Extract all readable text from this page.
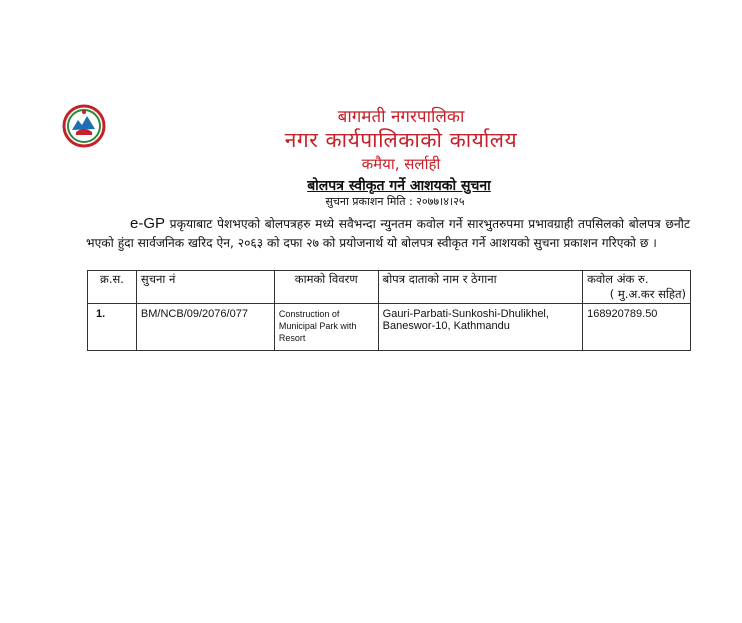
बागमती नगरपालिका
नगर कार्यपालिकाको कार्यालय
कमैया, सर्लाही
बोलपत्र स्वीकृत गर्ने आशयको सुचना
सुचना प्रकाशन मिति : २०७७।४।२५
e-GP प्रकृयाबाट पेशभएको बोलपत्रहरु मध्ये सवैभन्दा न्युनतम कवोल गर्ने सारभुतरुपमा प्रभावग्राही तपसिलको बोलपत्र छनौट भएको हुंदा सार्वजनिक खरिद ऐन, २०६३ को दफा २७ को प्रयोजनार्थ यो बोलपत्र स्वीकृत गर्ने आशयको सुचना प्रकाशन गरिएको छ ।
क्र.स.	सुचना नं	कामको विवरण	बोपत्र दाताको नाम र ठेगाना	कवोल अंक रु.
( मु.अ.कर सहित)

1.	BM/NCB/09/2076/077	Construction of Municipal Park with Resort	Gauri-Parbati-Sunkoshi-Dhulikhel, Baneswor-10, Kathmandu	168920789.50
